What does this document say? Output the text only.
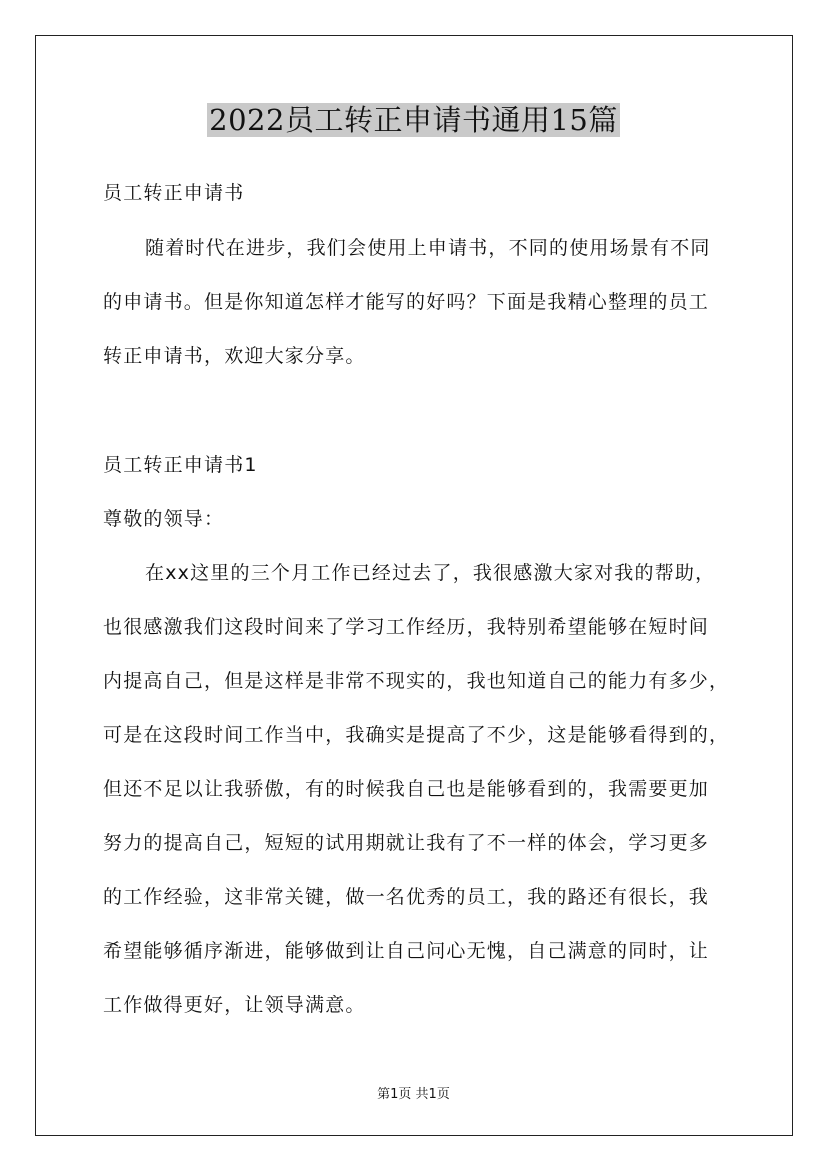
2022员工转正申请书通用15篇
员工转正申请书
随着时代在进步，我们会使用上申请书，不同的使用场景有不同
的申请书。但是你知道怎样才能写的好吗？下面是我精心整理的员工
转正申请书，欢迎大家分享。
员工转正申请书1
尊敬的领导：
在xx这里的三个月工作已经过去了，我很感激大家对我的帮助，
也很感激我们这段时间来了学习工作经历，我特别希望能够在短时间
内提高自己，但是这样是非常不现实的，我也知道自己的能力有多少，
可是在这段时间工作当中，我确实是提高了不少，这是能够看得到的，
但还不足以让我骄傲，有的时候我自己也是能够看到的，我需要更加
努力的提高自己，短短的试用期就让我有了不一样的体会，学习更多
的工作经验，这非常关键，做一名优秀的员工，我的路还有很长，我
希望能够循序渐进，能够做到让自己问心无愧，自己满意的同时，让
工作做得更好，让领导满意。
第1页 共1页
